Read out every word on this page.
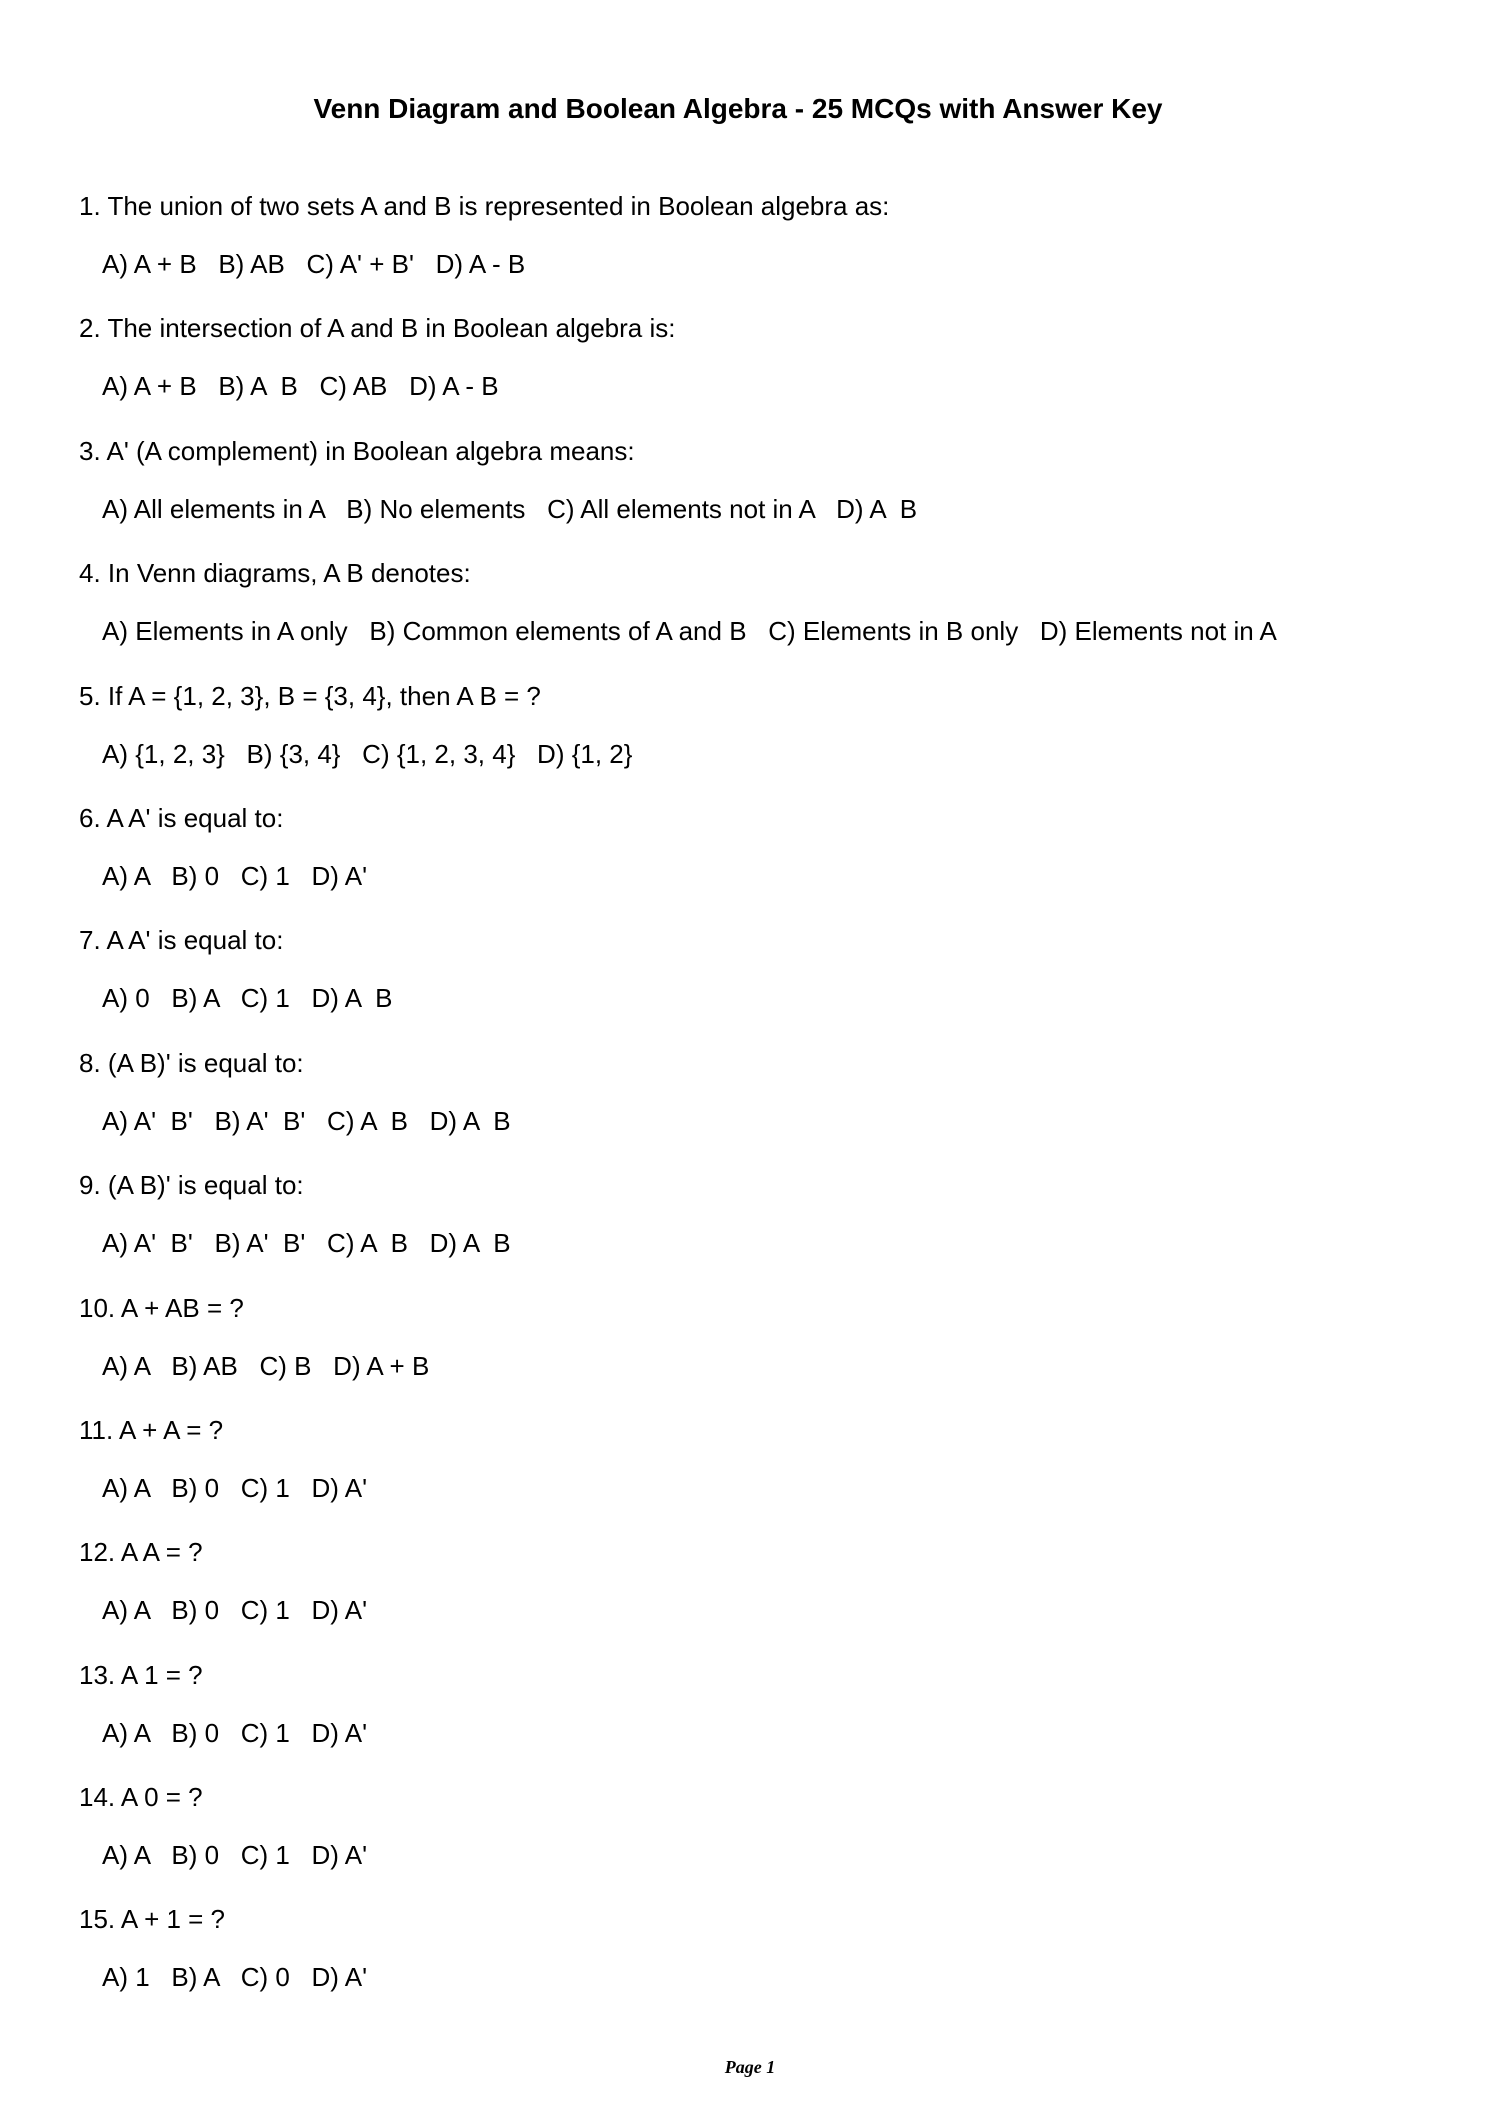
Venn Diagram and Boolean Algebra - 25 MCQs with Answer Key
1. The union of two sets A and B is represented in Boolean algebra as:
A) A + B   B) AB   C) A' + B'   D) A - B
2. The intersection of A and B in Boolean algebra is:
A) A + B   B) A  B   C) AB   D) A - B
3. A' (A complement) in Boolean algebra means:
A) All elements in A   B) No elements   C) All elements not in A   D) A  B
4. In Venn diagrams, A B denotes:
A) Elements in A only   B) Common elements of A and B   C) Elements in B only   D) Elements not in A
5. If A = {1, 2, 3}, B = {3, 4}, then A B = ?
A) {1, 2, 3}   B) {3, 4}   C) {1, 2, 3, 4}   D) {1, 2}
6. A A' is equal to:
A) A   B) 0   C) 1   D) A'
7. A A' is equal to:
A) 0   B) A   C) 1   D) A  B
8. (A B)' is equal to:
A) A'  B'   B) A'  B'   C) A  B   D) A  B
9. (A B)' is equal to:
A) A'  B'   B) A'  B'   C) A  B   D) A  B
10. A + AB = ?
A) A   B) AB   C) B   D) A + B
11. A + A = ?
A) A   B) 0   C) 1   D) A'
12. A A = ?
A) A   B) 0   C) 1   D) A'
13. A 1 = ?
A) A   B) 0   C) 1   D) A'
14. A 0 = ?
A) A   B) 0   C) 1   D) A'
15. A + 1 = ?
A) 1   B) A   C) 0   D) A'
Page 1
